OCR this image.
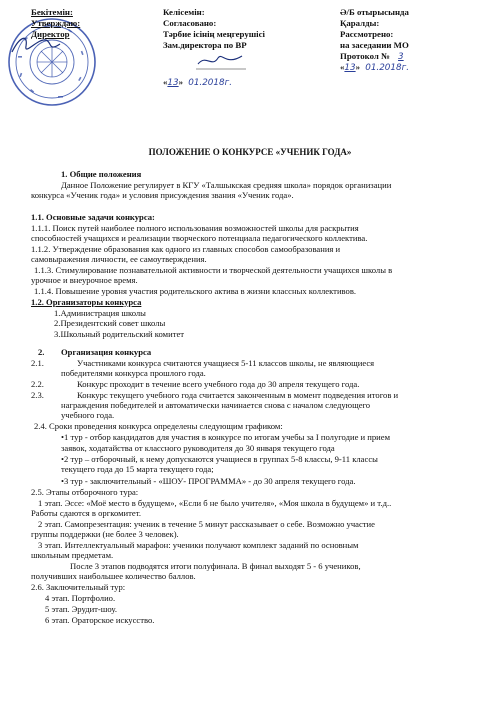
Бекітемін:
Утверждаю:
Директор
Келісемін:
Согласовано:
Тәрбие ісінің меңгерушісі
Зам.директора по ВР
«13» 01.2018г.
Ә/Б отырысында
Қаралды:
Рассмотрено:
на заседании МО
Протокол № 3
«13» 01.2018г.
ПОЛОЖЕНИЕ О КОНКУРСЕ «УЧЕНИК ГОДА»
1. Общие положения
Данное Положение регулирует в КГУ «Талшыкская средняя школа» порядок организации
конкурса «Ученик года» и условия присуждения звания «Ученик года».
1.1. Основные задачи конкурса:
1.1.1. Поиск путей наиболее полного использования возможностей школы для раскрытия
способностей учащихся и реализации творческого потенциала педагогического коллектива.
1.1.2. Утверждение образования как одного из главных способов самообразования и
самовыражения личности, ее самоутверждения.
1.1.3. Стимулирование познавательной активности и творческой деятельности учащихся школы в
урочное и внеурочное время.
1.1.4. Повышение уровня участия родительского актива в жизни классных коллективов.
1.2. Организаторы конкурса
1.Администрация школы
2.Президентский совет школы
3.Школьный родительский комитет
2. Организация конкурса
2.1.	Участниками конкурса считаются учащиеся 5-11 классов школы, не являющиеся
победителями конкурса прошлого года.
2.2.	Конкурс проходит в течение всего учебного года до 30 апреля текущего года.
2.3.	Конкурс текущего учебного года считается законченным в момент подведения итогов и
награждения победителей и автоматически начинается снова с началом следующего
учебного года.
2.4. Сроки проведения конкурса определены следующим графиком:
•1 тур - отбор кандидатов для участия в конкурсе по итогам учебы за I полугодие и прием
заявок, ходатайства от классного руководителя до 30 января текущего года
•2 тур – отборочный, к нему допускаются учащиеся в группах 5-8 классы, 9-11 классы
текущего года до 15 марта текущего года;
•3 тур - заключительный - «ШОУ- ПРОГРАММА» - до 30 апреля текущего года.
2.5. Этапы отборочного тура:
1 этап. Эссе: «Моё место в будущем», «Если б не было учителя», «Моя школа в будущем» и т.д..
Работы сдаются в оргкомитет.
2 этап. Самопрезентация: ученик в течение 5 минут рассказывает о себе. Возможно участие
группы поддержки (не более 3 человек).
3 этап. Интеллектуальный марафон: ученики получают комплект заданий по основным
школьным предметам.
После 3 этапов подводятся итоги полуфинала. В финал выходят 5 - 6 учеников,
получивших наибольшее количество баллов.
2.6. Заключительный тур:
4 этап. Портфолио.
5 этап. Эрудит-шоу.
6 этап. Ораторское искусство.
